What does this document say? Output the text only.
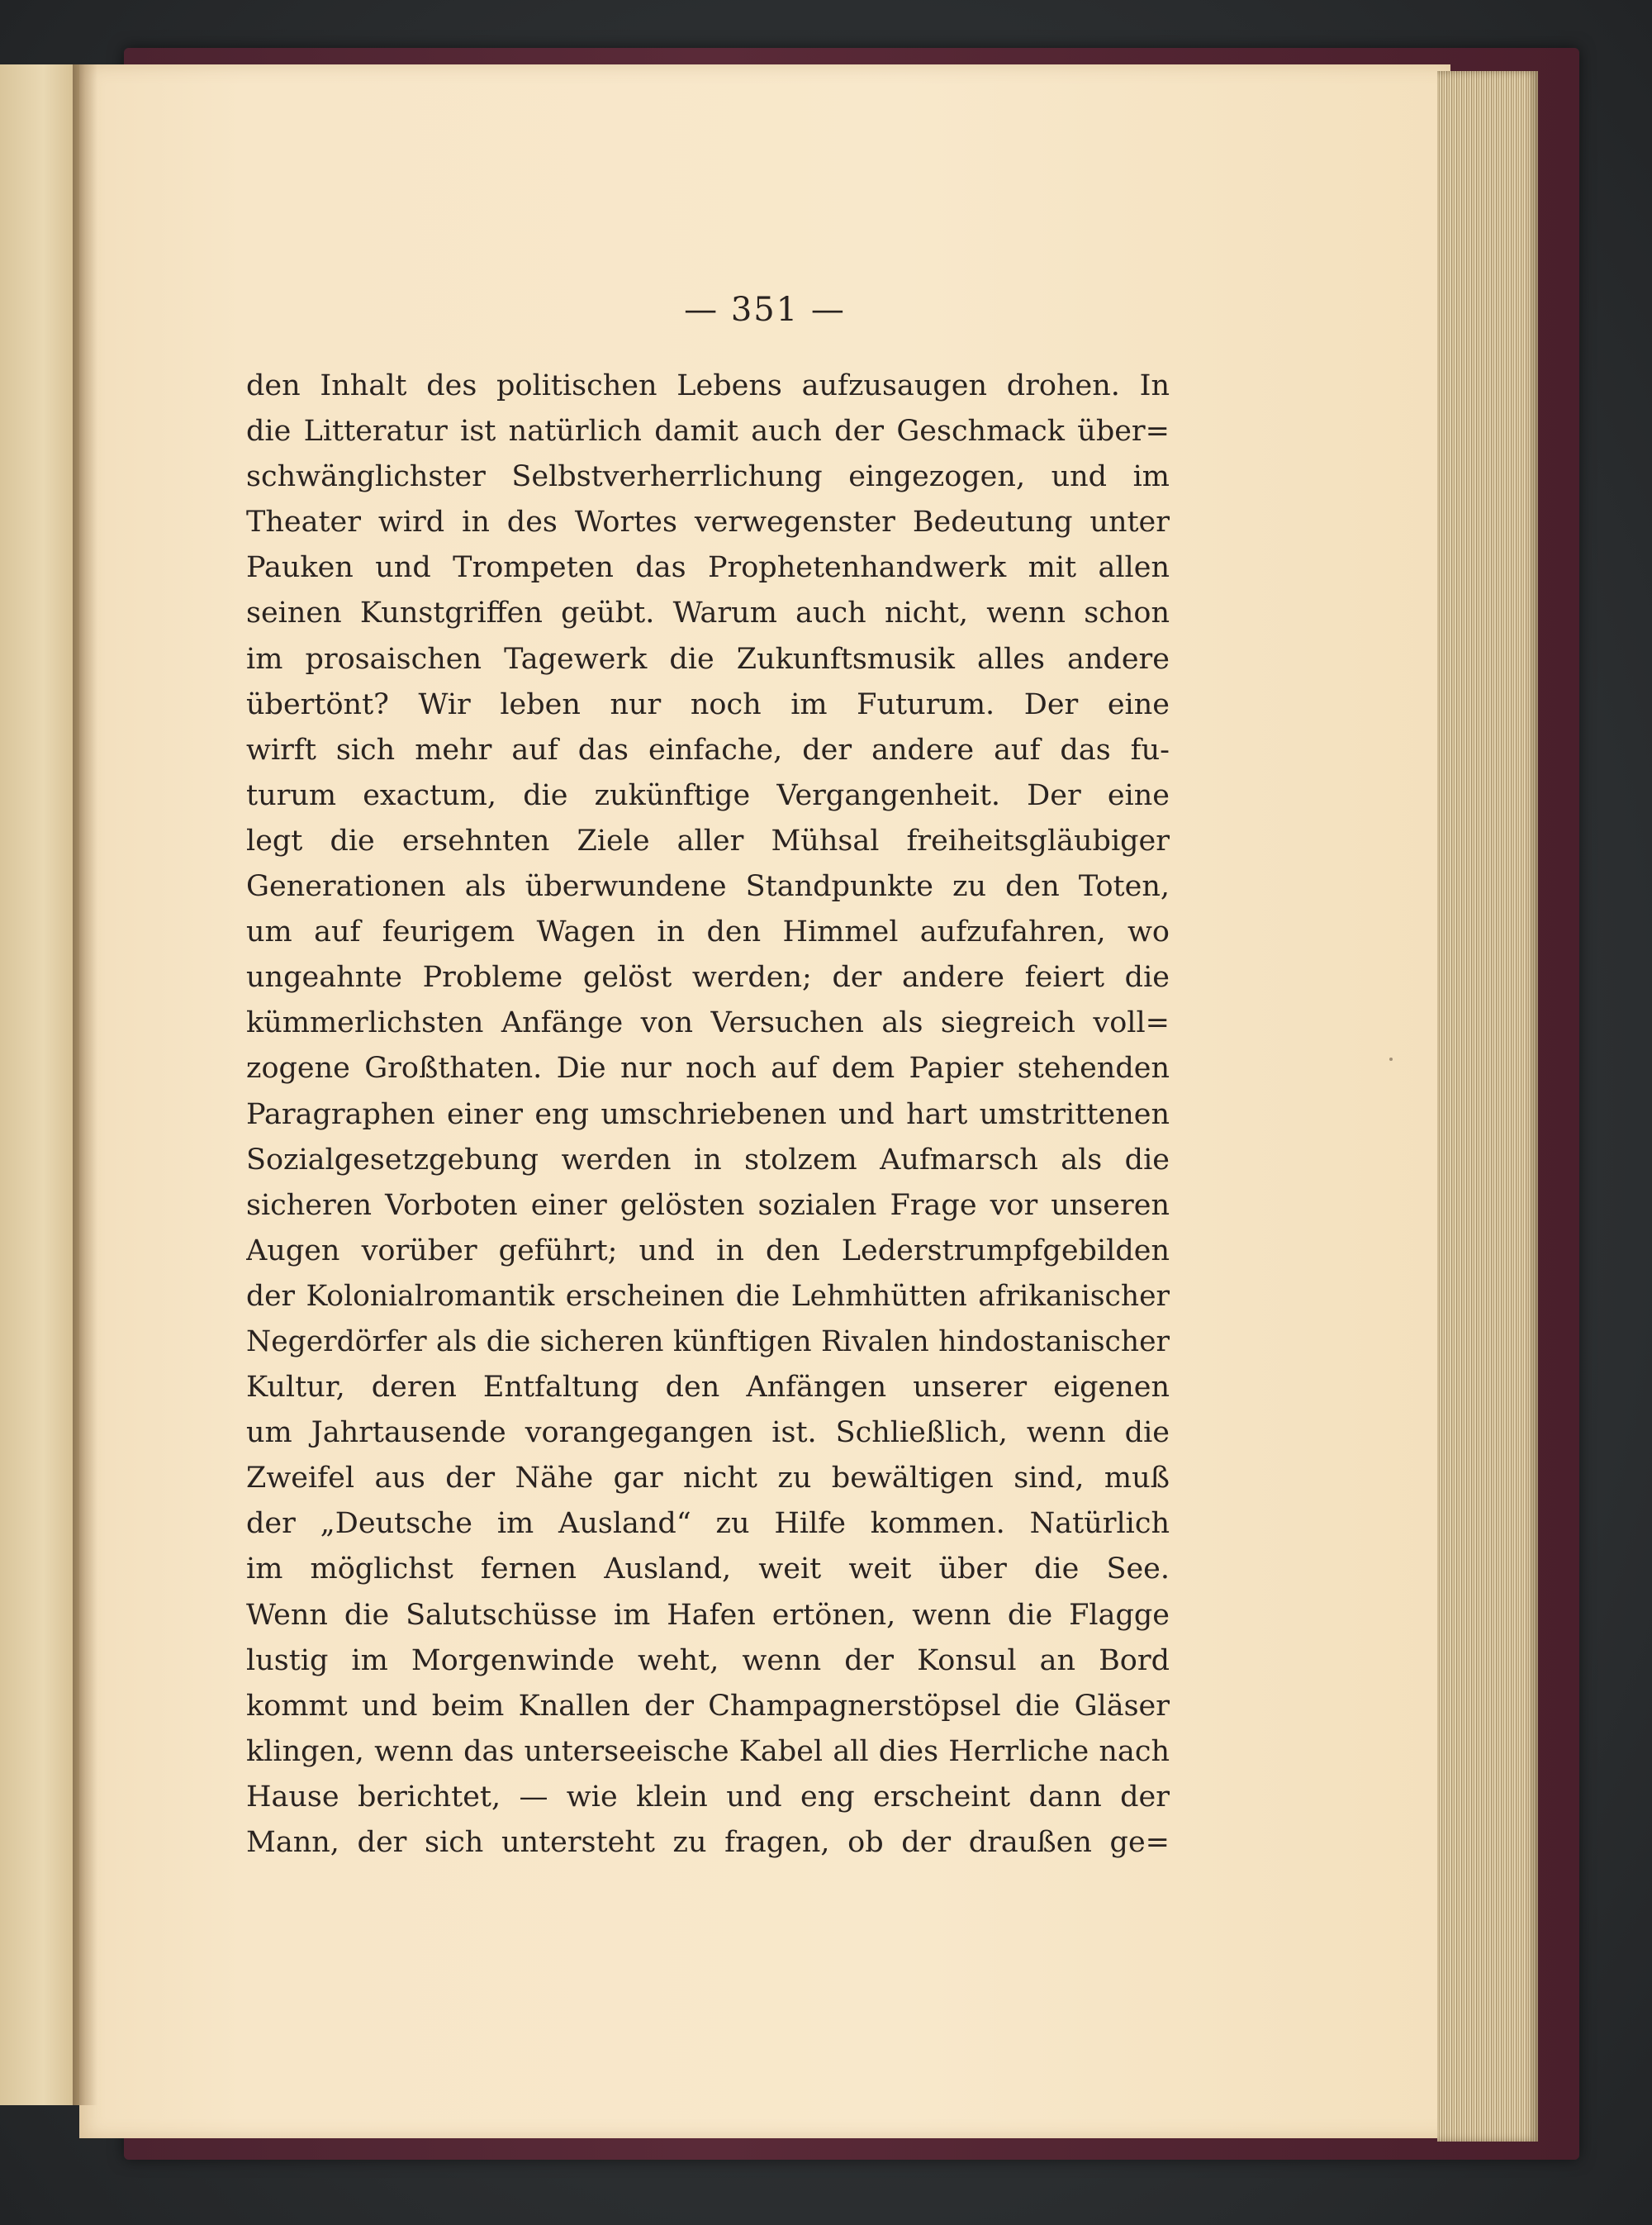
— 351 —
den Inhalt des politischen Lebens aufzusaugen drohen. In
die Litteratur ist natürlich damit auch der Geschmack über=
schwänglichster Selbstverherrlichung eingezogen, und im
Theater wird in des Wortes verwegenster Bedeutung unter
Pauken und Trompeten das Prophetenhandwerk mit allen
seinen Kunstgriffen geübt. Warum auch nicht, wenn schon
im prosaischen Tagewerk die Zukunftsmusik alles andere
übertönt? Wir leben nur noch im Futurum. Der eine
wirft sich mehr auf das einfache, der andere auf das fu-
turum exactum, die zukünftige Vergangenheit. Der eine
legt die ersehnten Ziele aller Mühsal freiheitsgläubiger
Generationen als überwundene Standpunkte zu den Toten,
um auf feurigem Wagen in den Himmel aufzufahren, wo
ungeahnte Probleme gelöst werden; der andere feiert die
kümmerlichsten Anfänge von Versuchen als siegreich voll=
zogene Großthaten. Die nur noch auf dem Papier stehenden
Paragraphen einer eng umschriebenen und hart umstrittenen
Sozialgesetzgebung werden in stolzem Aufmarsch als die
sicheren Vorboten einer gelösten sozialen Frage vor unseren
Augen vorüber geführt; und in den Lederstrumpfgebilden
der Kolonialromantik erscheinen die Lehmhütten afrikanischer
Negerdörfer als die sicheren künftigen Rivalen hindostanischer
Kultur, deren Entfaltung den Anfängen unserer eigenen
um Jahrtausende vorangegangen ist. Schließlich, wenn die
Zweifel aus der Nähe gar nicht zu bewältigen sind, muß
der „Deutsche im Ausland“ zu Hilfe kommen. Natürlich
im möglichst fernen Ausland, weit weit über die See.
Wenn die Salutschüsse im Hafen ertönen, wenn die Flagge
lustig im Morgenwinde weht, wenn der Konsul an Bord
kommt und beim Knallen der Champagnerstöpsel die Gläser
klingen, wenn das unterseeische Kabel all dies Herrliche nach
Hause berichtet, — wie klein und eng erscheint dann der
Mann, der sich untersteht zu fragen, ob der draußen ge=
